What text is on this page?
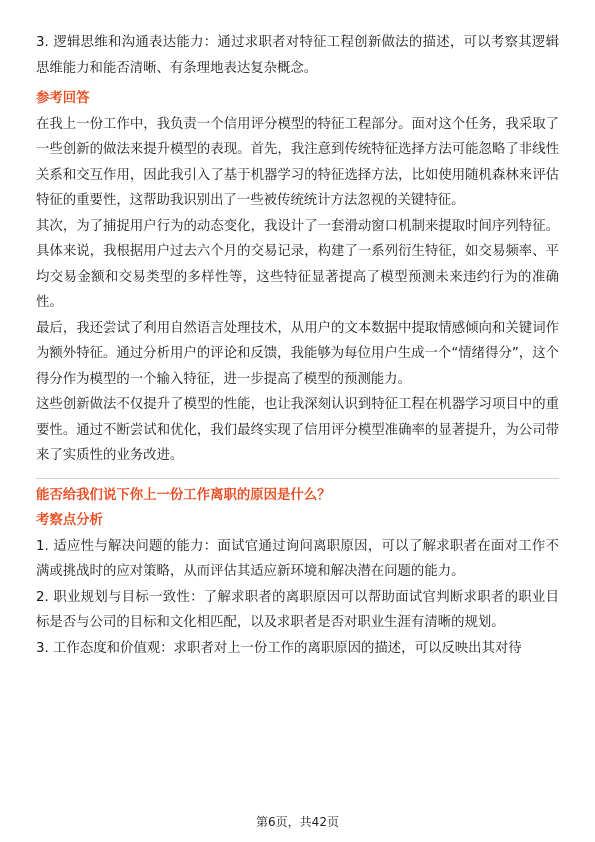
3. 逻辑思维和沟通表达能力：通过求职者对特征工程创新做法的描述，可以考察其逻辑思维能力和能否清晰、有条理地表达复杂概念。

参考回答

在我上一份工作中，我负责一个信用评分模型的特征工程部分。面对这个任务，我采取了一些创新的做法来提升模型的表现。首先，我注意到传统特征选择方法可能忽略了非线性关系和交互作用，因此我引入了基于机器学习的特征选择方法，比如使用随机森林来评估特征的重要性，这帮助我识别出了一些被传统统计方法忽视的关键特征。

其次，为了捕捉用户行为的动态变化，我设计了一套滑动窗口机制来提取时间序列特征。具体来说，我根据用户过去六个月的交易记录，构建了一系列衍生特征，如交易频率、平均交易金额和交易类型的多样性等，这些特征显著提高了模型预测未来违约行为的准确性。

最后，我还尝试了利用自然语言处理技术，从用户的文本数据中提取情感倾向和关键词作为额外特征。通过分析用户的评论和反馈，我能够为每位用户生成一个“情绪得分”，这个得分作为模型的一个输入特征，进一步提高了模型的预测能力。

这些创新做法不仅提升了模型的性能，也让我深刻认识到特征工程在机器学习项目中的重要性。通过不断尝试和优化，我们最终实现了信用评分模型准确率的显著提升，为公司带来了实质性的业务改进。

能否给我们说下你上一份工作离职的原因是什么？

考察点分析

1. 适应性与解决问题的能力：面试官通过询问离职原因，可以了解求职者在面对工作不满或挑战时的应对策略，从而评估其适应新环境和解决潜在问题的能力。

2. 职业规划与目标一致性：了解求职者的离职原因可以帮助面试官判断求职者的职业目标是否与公司的目标和文化相匹配，以及求职者是否对职业生涯有清晰的规划。

3. 工作态度和价值观：求职者对上一份工作的离职原因的描述，可以反映出其对待

第6页，共42页
